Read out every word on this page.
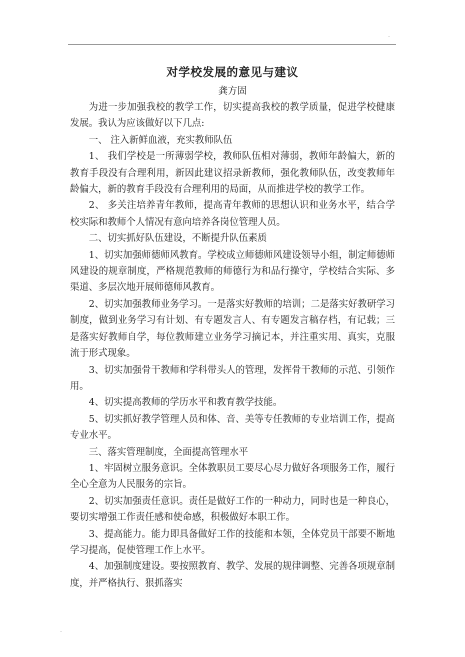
-
对学校发展的意见与建议
龚方固

为进一步加强我校的教学工作，切实提高我校的教学质量，促进学校健康发展。我认为应该做好以下几点:

一、 注入新鲜血液，充实教师队伍

1、 我们学校是一所薄弱学校，教师队伍相对薄弱，教师年龄偏大，新的教育手段没有合理利用，新因此建议招录新教师，强化教师队伍，改变教师年龄偏大，新的教育手段没有合理利用的局面，从而推进学校的教学工作。

2、 多关注培养青年教师，提高青年教师的思想认识和业务水平，结合学校实际和教师个人情况有意向培养各岗位管理人员。

二、切实抓好队伍建设，不断提升队伍素质

1、切实加强师德师风教育。学校成立师德师风建设领导小组，制定师德师风建设的规章制度，严格规范教师的师德行为和品行操守，学校结合实际、多渠道、多层次地开展师德师风教育。

2、切实加强教师业务学习。一是落实好教师的培训；二是落实好教研学习制度，做到业务学习有计划、有专题发言人、有专题发言稿存档，有记载；三是落实好教师自学，每位教师建立业务学习摘记本，并注重实用、真实，克服流于形式现象。

3、切实加强骨干教师和学科带头人的管理，发挥骨干教师的示范、引领作用。

4、切实提高教师的学历水平和教育教学技能。

5、切实抓好教学管理人员和体、音、美等专任教师的专业培训工作，提高专业水平。

三、落实管理制度，全面提高管理水平

1、牢固树立服务意识。全体教职员工要尽心尽力做好各项服务工作，履行全心全意为人民服务的宗旨。

2、切实加强责任意识。责任是做好工作的一种动力，同时也是一种良心，要切实增强工作责任感和使命感，积极做好本职工作。

3、提高能力。能力即具备做好工作的技能和本领，全体党员干部要不断地学习提高，促使管理工作上水平。

4、加强制度建设。要按照教育、教学、发展的规律调整、完善各项规章制度，并严格执行、狠抓落实

-
